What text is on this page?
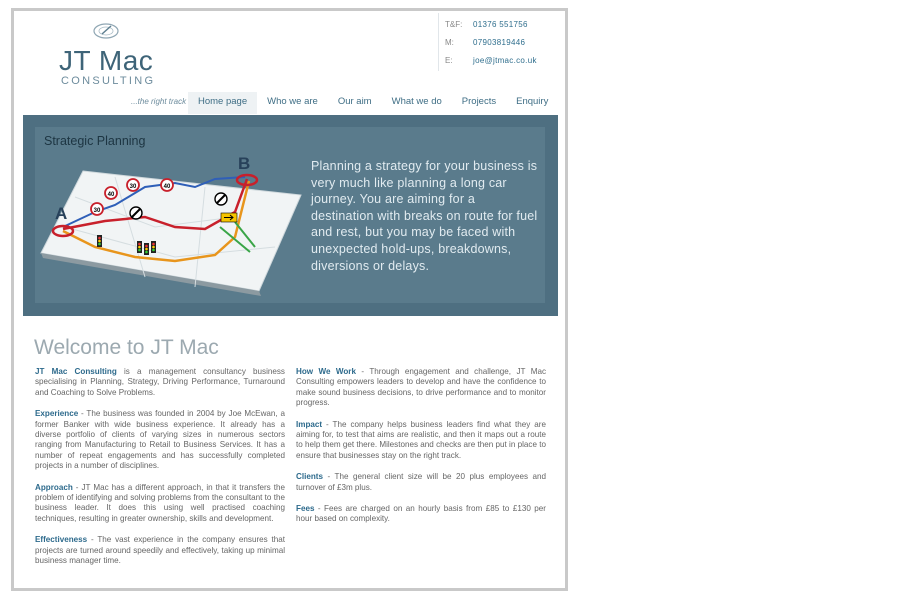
JT Mac
CONSULTING
...the right track
T&F:	01376 551756
M:	07903819446
E:	joe@jtmac.co.uk
Home page	Who we are	Our aim	What we do	Projects	Enquiry
Strategic Planning
A
B
30
40
30	40
Planning a strategy for your business is very much like planning a long car journey. You are aiming for a destination with breaks on route for fuel and rest, but you may be faced with unexpected hold-ups, breakdowns, diversions or delays.
Welcome to JT Mac

JT Mac Consulting is a management consultancy business specialising in Planning, Strategy, Driving Performance, Turnaround and Coaching to Solve Problems.

Experience - The business was founded in 2004 by Joe McEwan, a former Banker with wide business experience. It already has a diverse portfolio of clients of varying sizes in numerous sectors ranging from Manufacturing to Retail to Business Services. It has a number of repeat engagements and has successfully completed projects in a number of disciplines.

Approach - JT Mac has a different approach, in that it transfers the problem of identifying and solving problems from the consultant to the business leader. It does this using well practised coaching techniques, resulting in greater ownership, skills and development.

Effectiveness - The vast experience in the company ensures that projects are turned around speedily and effectively, taking up minimal business manager time.

How We Work - Through engagement and challenge, JT Mac Consulting empowers leaders to develop and have the confidence to make sound business decisions, to drive performance and to monitor progress.

Impact - The company helps business leaders find what they are aiming for, to test that aims are realistic, and then it maps out a route to help them get there. Milestones and checks are then put in place to ensure that businesses stay on the right track.

Clients - The general client size will be 20 plus employees and turnover of £3m plus.

Fees - Fees are charged on an hourly basis from £85 to £130 per hour based on complexity.
